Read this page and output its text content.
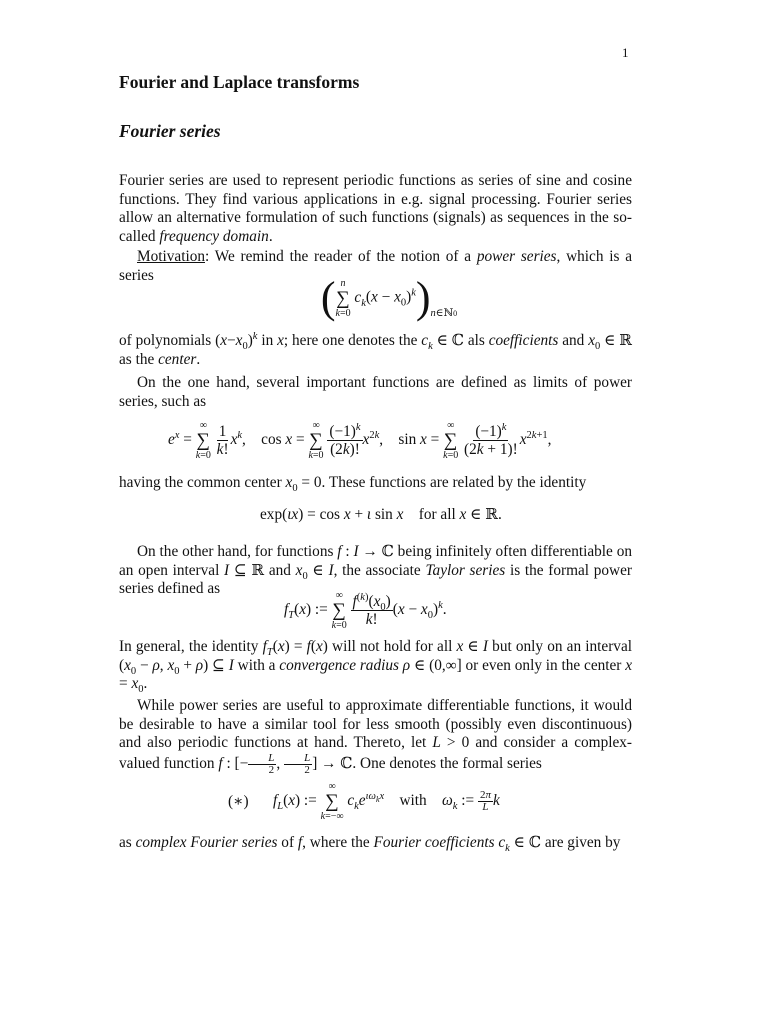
1
Fourier and Laplace transforms
Fourier series

Fourier series are used to represent periodic functions as series of sine and cosine functions. They find various applications in e.g. signal processing. Fourier series allow an alternative formulation of such functions (signals) as sequences in the so-called frequency domain.

Motivation: We remind the reader of the notion of a power series, which is a series	( n
∑
k=0
$c_k(x - x_0)^k)_{n\in ℕ0}$

of polynomials $(x-x_0)^k$ in x; here one denotes the $c_k$ ∈ ℂ als coefficients and $x_0$ ∈ ℝ as the center.

On the one hand, several important functions are defined as limits of power series, such as

$e^x$ =
∞
∑
k=0
$\frac{1}{k!} x^k$,    cos x =
∞
∑
k=0
$\frac{(-1)^k}{(2k)!} x^{2k}$,    sin x =
∞
∑
k=0
$\frac{(-1)^k}{(2k + 1)!} x^{2k+1}$,

having the common center $x_0 = 0$. These functions are related by the identity

exp(ιx) = cos x + ι sin x    for all x ∈ ℝ.

On the other hand, for functions f : I → ℂ being infinitely often differentiable on an open interval I ⊆ ℝ and $x_0$ ∈ I, the associate Taylor series is the formal power series defined as

$f_T(x)$ :=
∞
∑
k=0
$\frac{f^{(k)}(x_0)}{k!} (x - x_0)^k$.

In general, the identity $f_T(x) = f(x)$ will not hold for all x ∈ I but only on an interval ($x_0 - \rho$, $x_0 + \rho$) ⊆ I with a convergence radius ρ ∈ (0,∞] or even only in the center $x = x_0$.

While power series are useful to approximate differentiable functions, it would be desirable to have a similar tool for less smooth (possibly even discontinuous) and also periodic functions at hand. Thereto, let L > 0 and consider a complex-valued function f : [− $\frac{L}{2}$ , $\frac{L}{2}$ ] → ℂ. One denotes the formal series

(∗) $f_L(x)$ :=
∞
∑
k=−∞
$c_ke^{\iota\omega_kx}$    with    $\omega_k$ := $\frac{2\pi}{L}$ k

as complex Fourier series of f, where the Fourier coefficients $c_k$ ∈ ℂ are given by
